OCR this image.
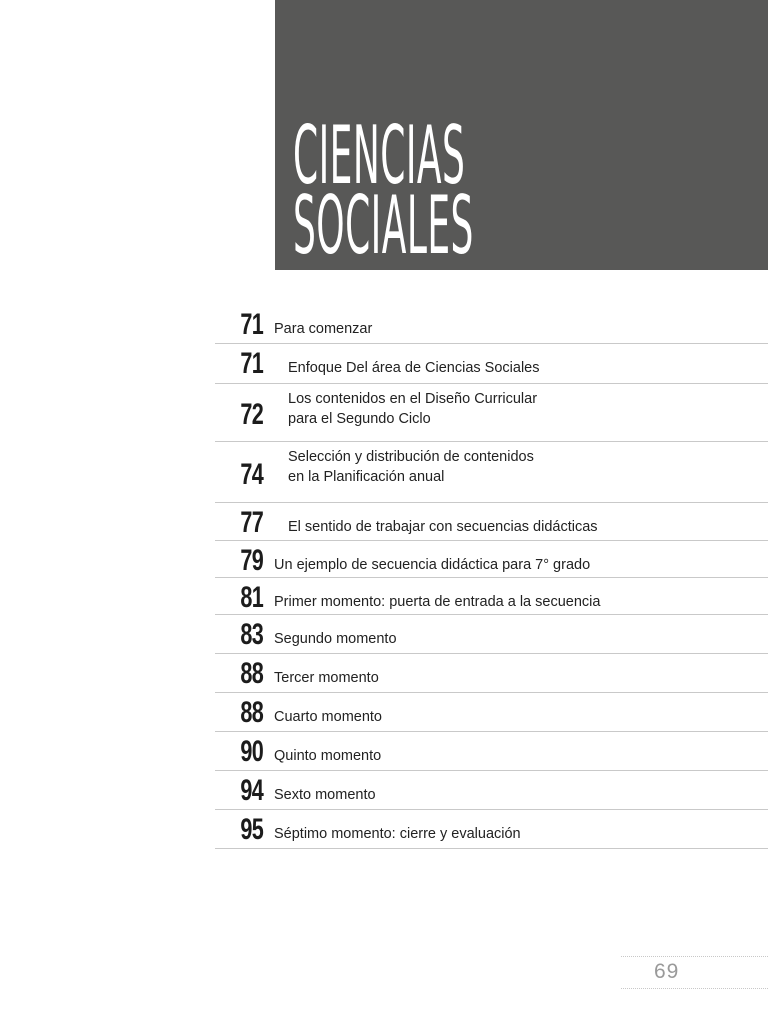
CIENCIAS
SOCIALES
71 Para comenzar
71 Enfoque Del área de Ciencias Sociales
72 Los contenidos en el Diseño Curricular
para el Segundo Ciclo
74
Selección y distribución de contenidos
en la Planificación anual
77 El sentido de trabajar con secuencias didácticas
79 Un ejemplo de secuencia didáctica para 7° grado
81 Primer momento: puerta de entrada a la secuencia
83 Segundo momento
88 Tercer momento
88 Cuarto momento
90 Quinto momento
94 Sexto momento
95 Séptimo momento: cierre y evaluación
69
